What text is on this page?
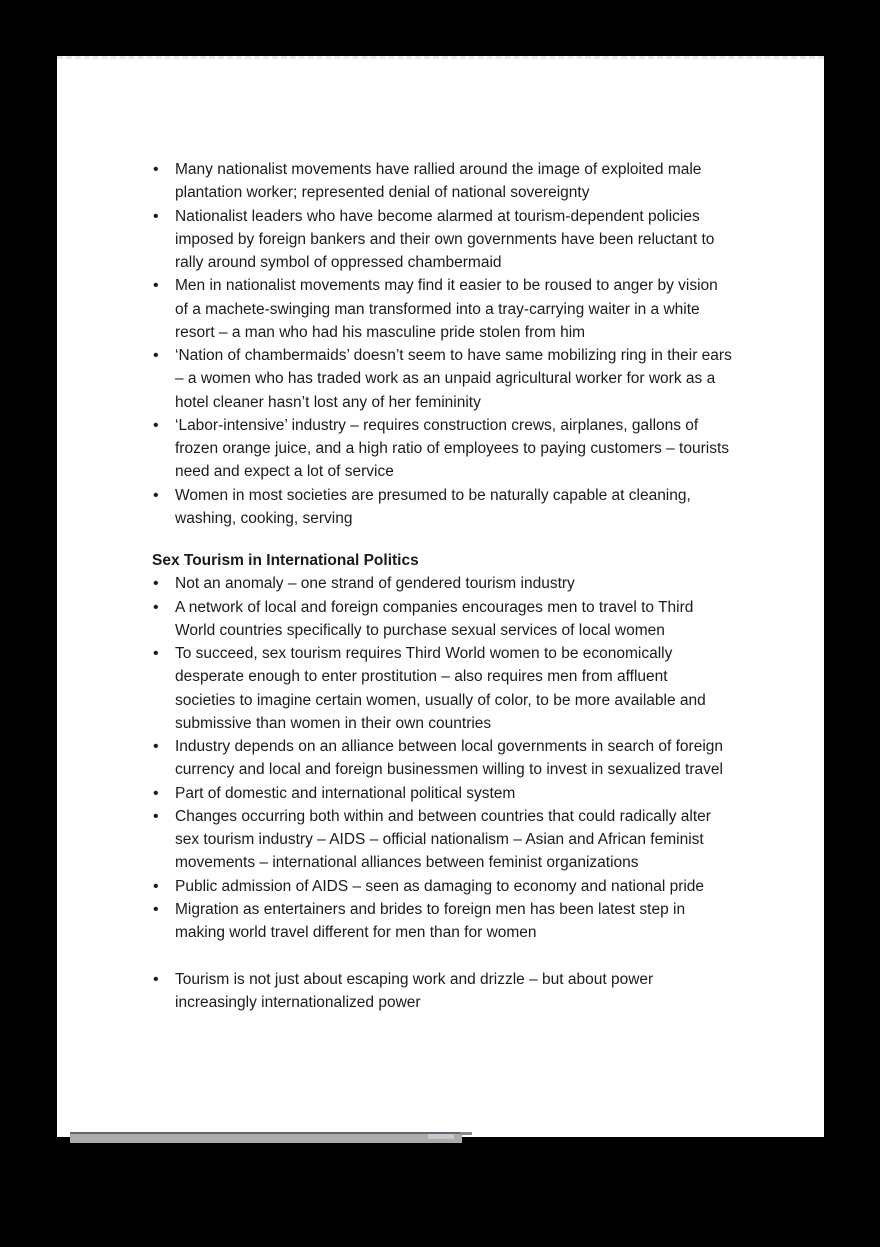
• Many nationalist movements have rallied around the image of exploited male plantation worker; represented denial of national sovereignty
• Nationalist leaders who have become alarmed at tourism-dependent policies imposed by foreign bankers and their own governments have been reluctant to rally around symbol of oppressed chambermaid
• Men in nationalist movements may find it easier to be roused to anger by vision of a machete-swinging man transformed into a tray-carrying waiter in a white resort – a man who had his masculine pride stolen from him
• ‘Nation of chambermaids’ doesn’t seem to have same mobilizing ring in their ears – a women who has traded work as an unpaid agricultural worker for work as a hotel cleaner hasn’t lost any of her femininity
• ‘Labor-intensive’ industry – requires construction crews, airplanes, gallons of frozen orange juice, and a high ratio of employees to paying customers – tourists need and expect a lot of service
• Women in most societies are presumed to be naturally capable at cleaning, washing, cooking, serving
Sex Tourism in International Politics
• Not an anomaly – one strand of gendered tourism industry
• A network of local and foreign companies encourages men to travel to Third World countries specifically to purchase sexual services of local women
• To succeed, sex tourism requires Third World women to be economically desperate enough to enter prostitution – also requires men from affluent societies to imagine certain women, usually of color, to be more available and submissive than women in their own countries
• Industry depends on an alliance between local governments in search of foreign currency and local and foreign businessmen willing to invest in sexualized travel
• Part of domestic and international political system
• Changes occurring both within and between countries that could radically alter sex tourism industry – AIDS – official nationalism – Asian and African feminist movements – international alliances between feminist organizations
• Public admission of AIDS – seen as damaging to economy and national pride
• Migration as entertainers and brides to foreign men has been latest step in making world travel different for men than for women
• Tourism is not just about escaping work and drizzle – but about power increasingly internationalized power
